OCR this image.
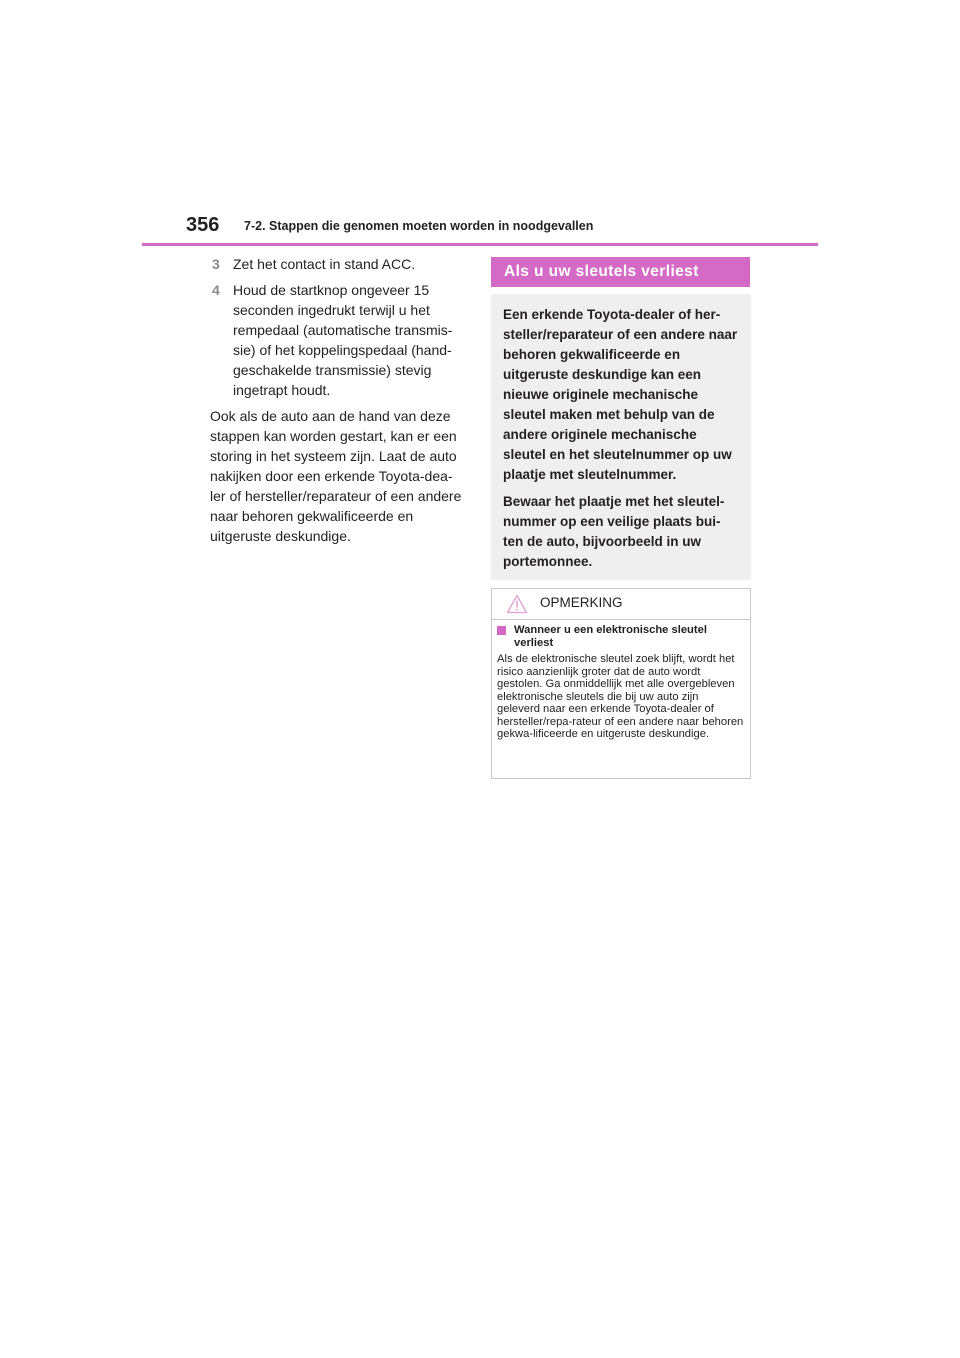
356 7-2. Stappen die genomen moeten worden in noodgevallen
3 Zet het contact in stand ACC.
4 Houd de startknop ongeveer 15 seconden ingedrukt terwijl u het rempedaal (automatische transmis-sie) of het koppelingspedaal (hand-geschakelde transmissie) stevig ingetrapt houdt.
Ook als de auto aan de hand van deze stappen kan worden gestart, kan er een storing in het systeem zijn. Laat de auto nakijken door een erkende Toyota-dea-ler of hersteller/reparateur of een andere naar behoren gekwalificeerde en uitgeruste deskundige.
Als u uw sleutels verliest

Een erkende Toyota-dealer of her-steller/reparateur of een andere naar behoren gekwalificeerde en uitgeruste deskundige kan een nieuwe originele mechanische sleutel maken met behulp van de andere originele mechanische sleutel en het sleutelnummer op uw plaatje met sleutelnummer.

Bewaar het plaatje met het sleutel-nummer op een veilige plaats bui-ten de auto, bijvoorbeeld in uw portemonnee.

OPMERKING
Wanneer u een elektronische sleutel verliest
Als de elektronische sleutel zoek blijft, wordt het risico aanzienlijk groter dat de auto wordt gestolen. Ga onmiddellijk met alle overgebleven elektronische sleutels die bij uw auto zijn geleverd naar een erkende Toyota-dealer of hersteller/repa-rateur of een andere naar behoren gekwa-lificeerde en uitgeruste deskundige.
